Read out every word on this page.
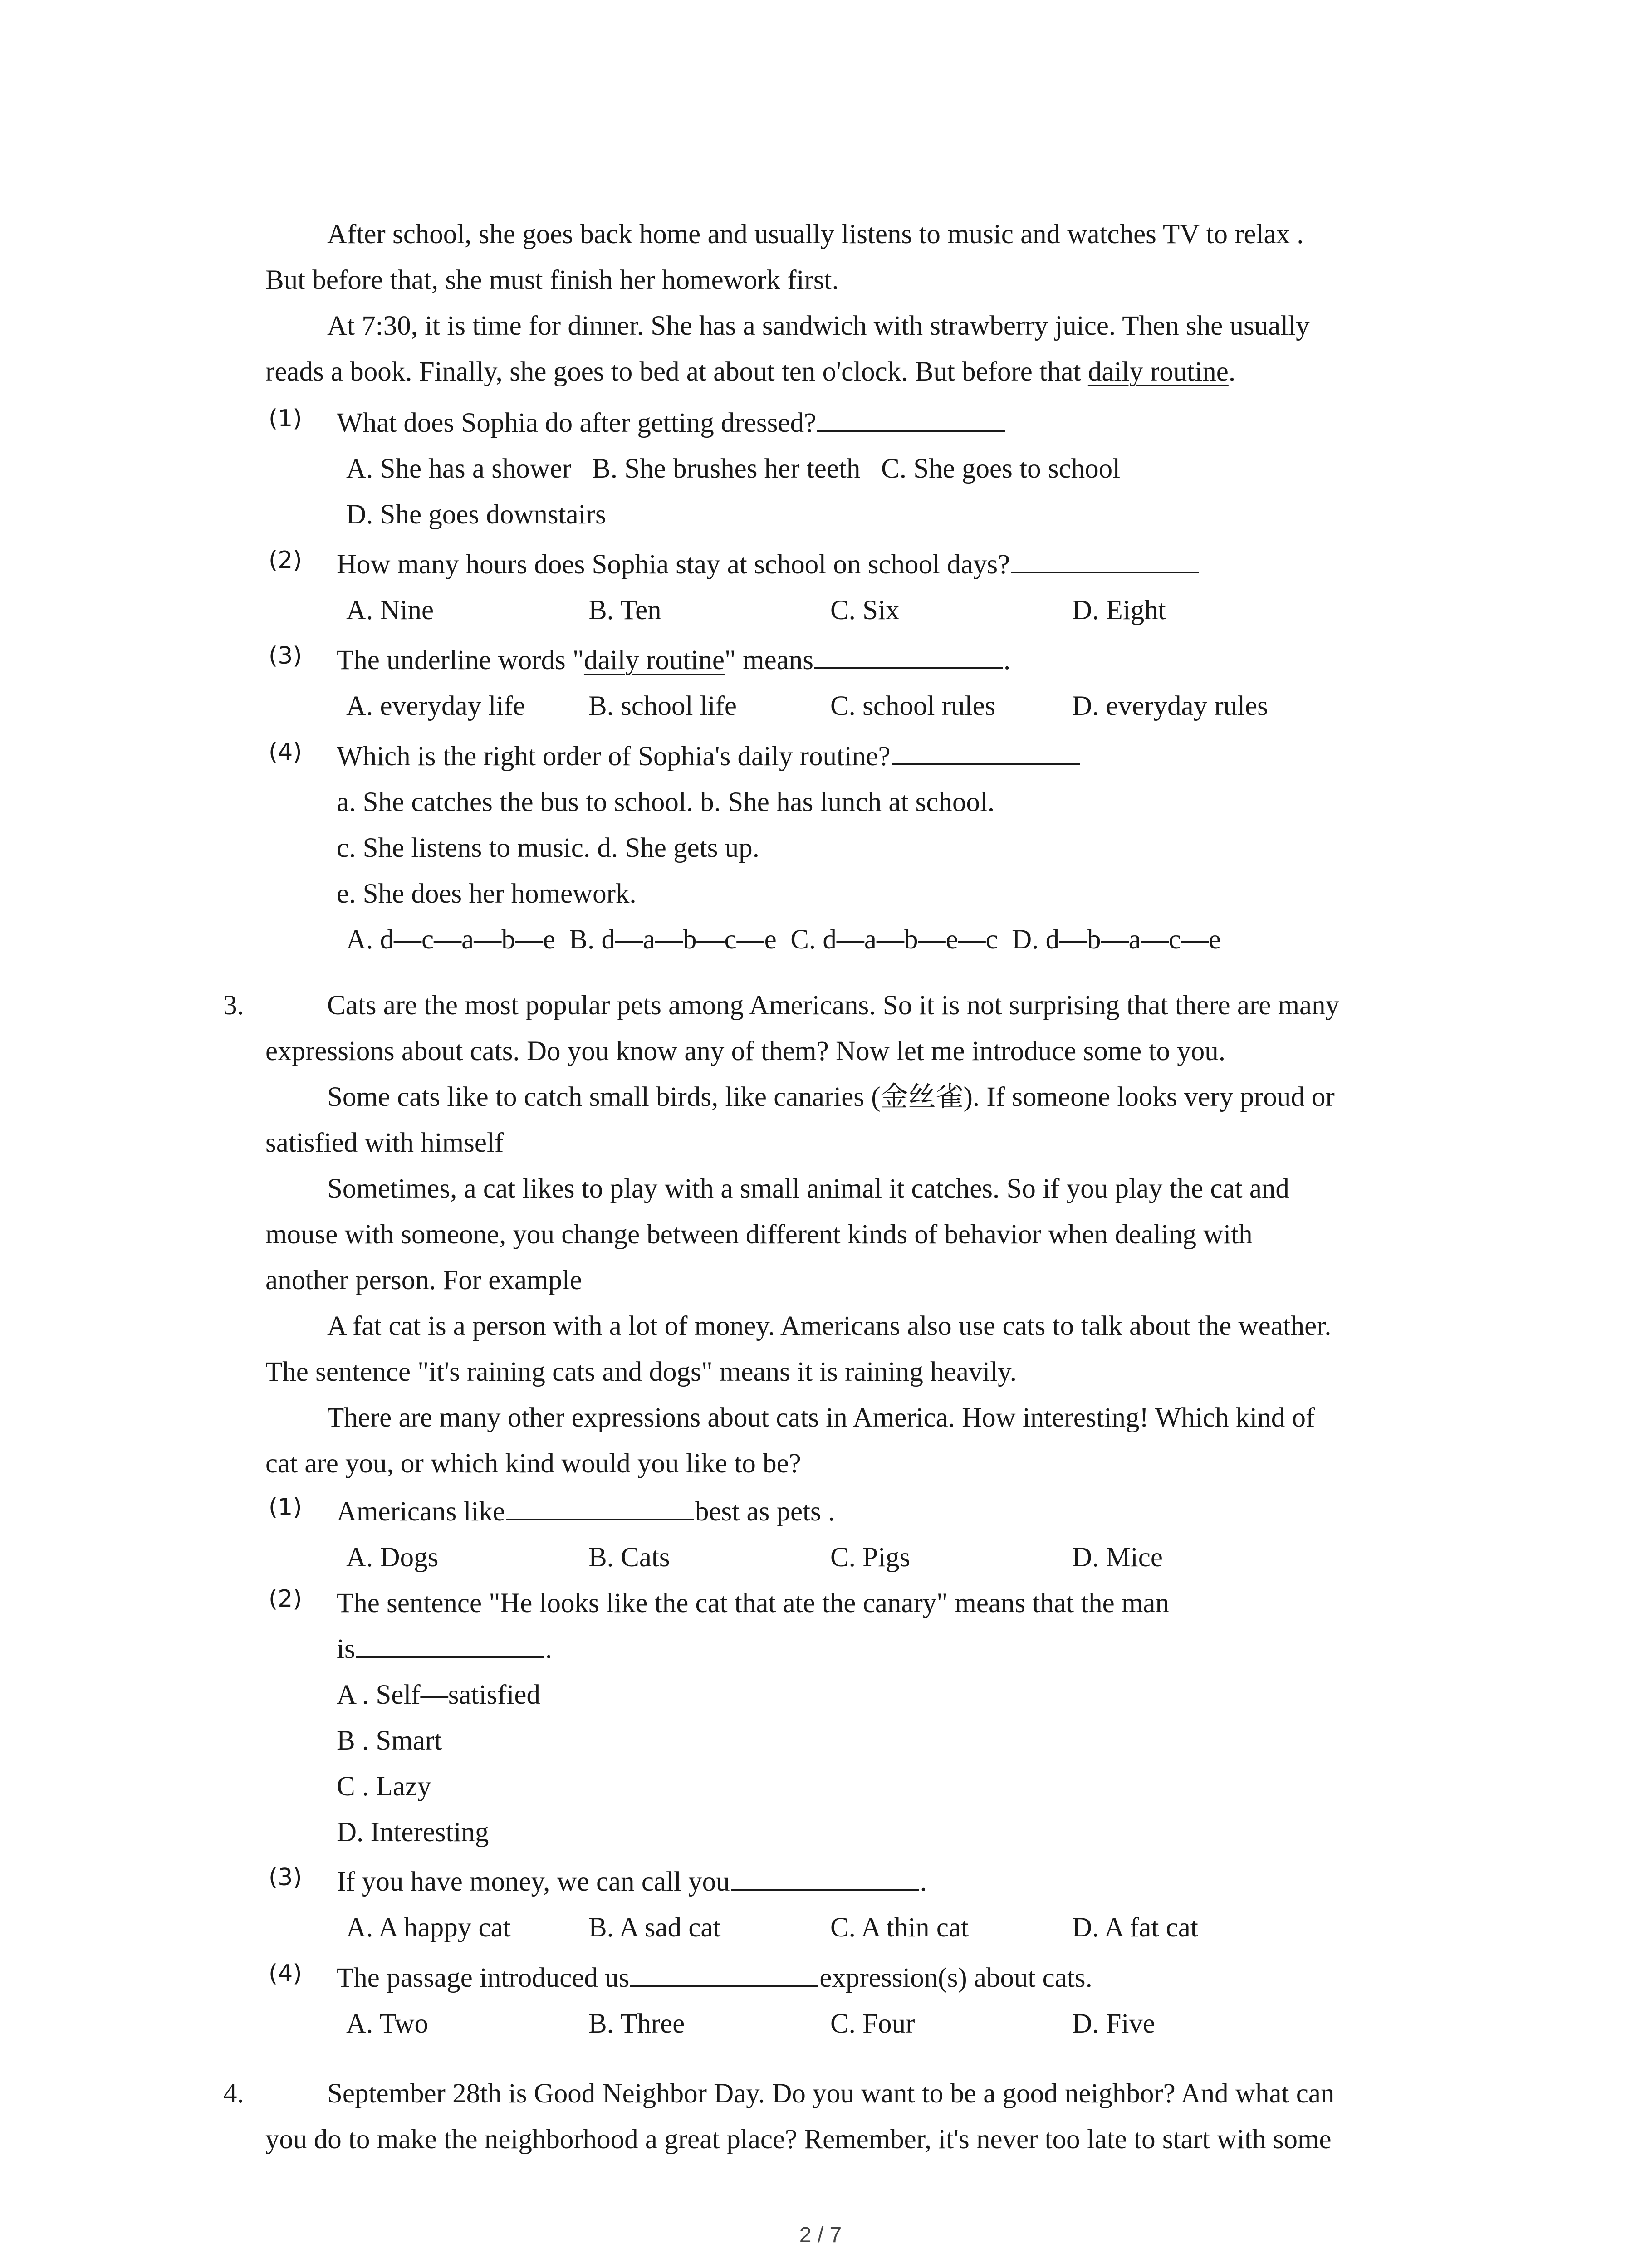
After school, she goes back home and usually listens to music and watches TV to relax .
But before that, she must finish her homework first.

At 7:30, it is time for dinner. She has a sandwich with strawberry juice. Then she usually
reads a book. Finally, she goes to bed at about ten o'clock. But before that daily routine.

(1) What does Sophia do after getting dressed?
A. She has a shower B. She brushes her teeth C. She goes to school
D. She goes downstairs
(2) How many hours does Sophia stay at school on school days?
A. Nine	B. Ten	C. Six	D. Eight
(3) The underline words "daily routine" means	.
A. everyday life B. school life	C. school rules	D. everyday rules
(4) Which is the right order of Sophia's daily routine?
a. She catches the bus to school. b. She has lunch at school.
c. She listens to music. d. She gets up.
e. She does her homework.
A. d—c—a—b—e B. d—a—b—c—e C. d—a—b—e—c D. d—b—a—c—e
3.	Cats are the most popular pets among Americans. So it is not surprising that there are many
expressions about cats. Do you know any of them? Now let me introduce some to you.
Some cats like to catch small birds, like canaries (金丝雀). If someone looks very proud or
satisfied with himself
Sometimes, a cat likes to play with a small animal it catches. So if you play the cat and
mouse with someone, you change between different kinds of behavior when dealing with
another person. For example
A fat cat is a person with a lot of money. Americans also use cats to talk about the weather.
The sentence "it's raining cats and dogs" means it is raining heavily.
There are many other expressions about cats in America. How interesting! Which kind of
cat are you, or which kind would you like to be?

(1) Americans like	best as pets .
A. Dogs	B. Cats	C. Pigs	D. Mice
(2) The sentence "He looks like the cat that ate the canary" means that the man
is	.
A . Self—satisfied
B . Smart
C . Lazy
D. Interesting
(3) If you have money, we can call you	.
A. A happy cat	B. A sad cat	C. A thin cat	D. A fat cat
(4) The passage introduced us	expression(s) about cats.
A. Two	B. Three	C. Four	D. Five
4.	September 28th is Good Neighbor Day. Do you want to be a good neighbor? And what can
you do to make the neighborhood a great place? Remember, it's never too late to start with some

2 / 7
